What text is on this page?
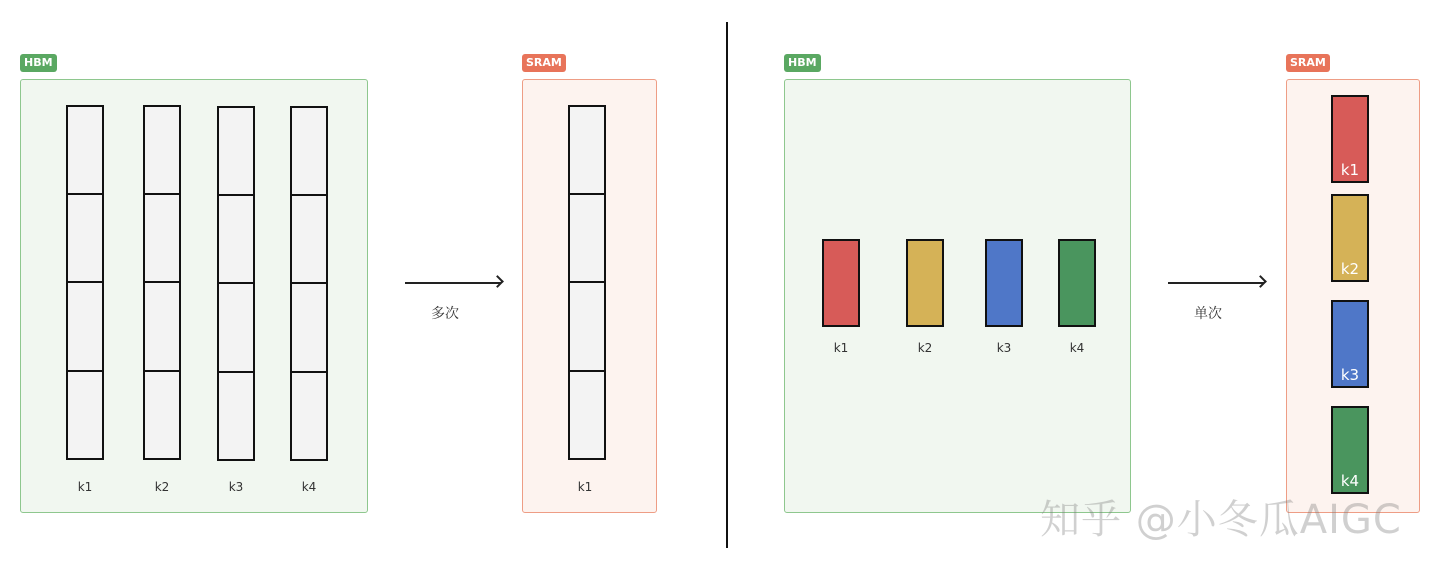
HBM
k1	k2	k3	k4
多次
SRAM
k1
HBM
k1	k2	k3	k4
单次
SRAM
k1
k2
k3
k4
知乎 @小冬瓜AIGC
